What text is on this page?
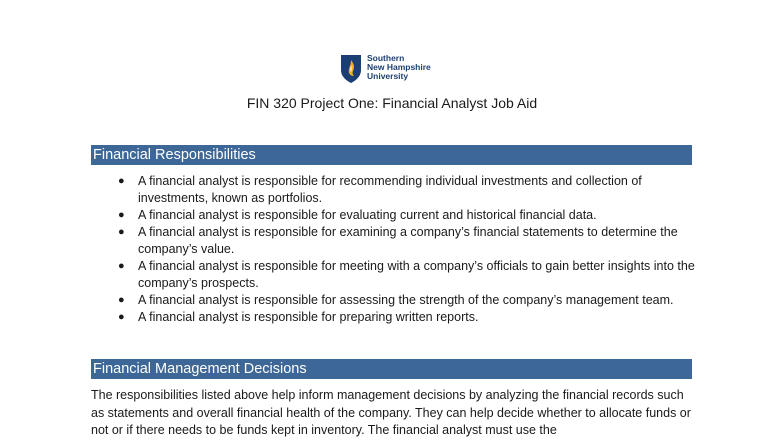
Southern
New Hampshire
University
FIN 320 Project One: Financial Analyst Job Aid
Financial Responsibilities
● A financial analyst is responsible for recommending individual investments and collection of investments, known as portfolios.
● A financial analyst is responsible for evaluating current and historical financial data.
● A financial analyst is responsible for examining a company’s financial statements to determine the company’s value.
● A financial analyst is responsible for meeting with a company’s officials to gain better insights into the company’s prospects.
● A financial analyst is responsible for assessing the strength of the company’s management team.
● A financial analyst is responsible for preparing written reports.
Financial Management Decisions
The responsibilities listed above help inform management decisions by analyzing the financial records such as statements and overall financial health of the company. They can help decide whether to allocate funds or not or if there needs to be funds kept in inventory. The financial analyst must use the
